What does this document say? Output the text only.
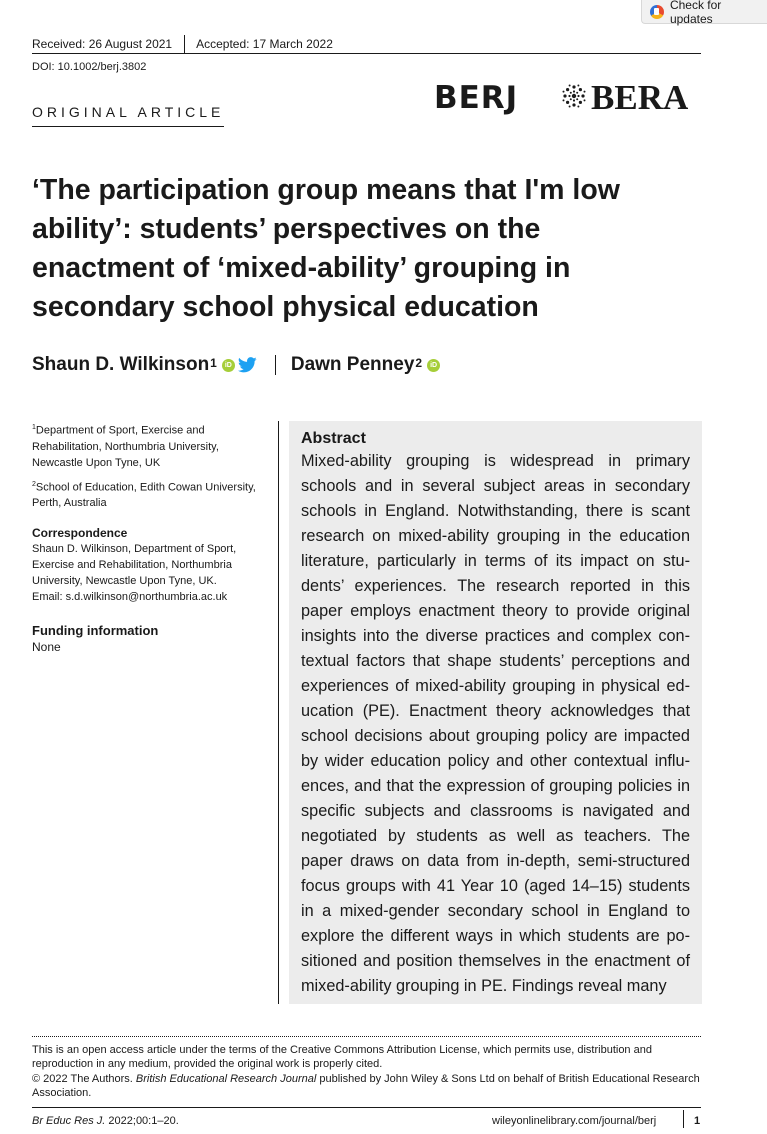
Check for updates
Received: 26 August 2021 Accepted: 17 March 2022
DOI: 10.1002/berj.3802
ORIGINAL ARTICLE	BERJ BERA
‘The participation group means that I'm low ability’: students’ perspectives on the enactment of ‘mixed-ability’ grouping in secondary school physical education
Shaun D. Wilkinson$^1$	iD	Dawn Penney$^2$	iD

$^1$Department of Sport, Exercise and Rehabilitation, Northumbria University, Newcastle Upon Tyne, UK

$^2$School of Education, Edith Cowan University, Perth, Australia

Correspondence
Shaun D. Wilkinson, Department of Sport, Exercise and Rehabilitation, Northumbria University, Newcastle Upon Tyne, UK.
Email: s.d.wilkinson@northumbria.ac.uk
Funding information
None
Abstract

Mixed-ability grouping is widespread in primary schools and in several subject areas in secondary schools in England. Notwithstanding, there is scant research on mixed-ability grouping in the education literature, particularly in terms of its impact on students’ experiences. The research reported in this paper employs enactment theory to provide original insights into the diverse practices and complex contextual factors that shape students’ perceptions and experiences of mixed-ability grouping in physical education (PE). Enactment theory acknowledges that school decisions about grouping policy are impacted by wider education policy and other contextual influences, and that the expression of grouping policies in specific subjects and classrooms is navigated and negotiated by students as well as teachers. The paper draws on data from in-depth, semi-structured focus groups with 41 Year 10 (aged 14–15) students in a mixed-gender secondary school in England to explore the different ways in which students are positioned and position themselves in the enactment of mixed-ability grouping in PE. Findings reveal many

This is an open access article under the terms of the Creative Commons Attribution License, which permits use, distribution and reproduction in any medium, provided the original work is properly cited.
© 2022 The Authors. British Educational Research Journal published by John Wiley & Sons Ltd on behalf of British Educational Research Association.
Br Educ Res J. 2022;00:1–20.	wileyonlinelibrary.com/journal/berj	1
